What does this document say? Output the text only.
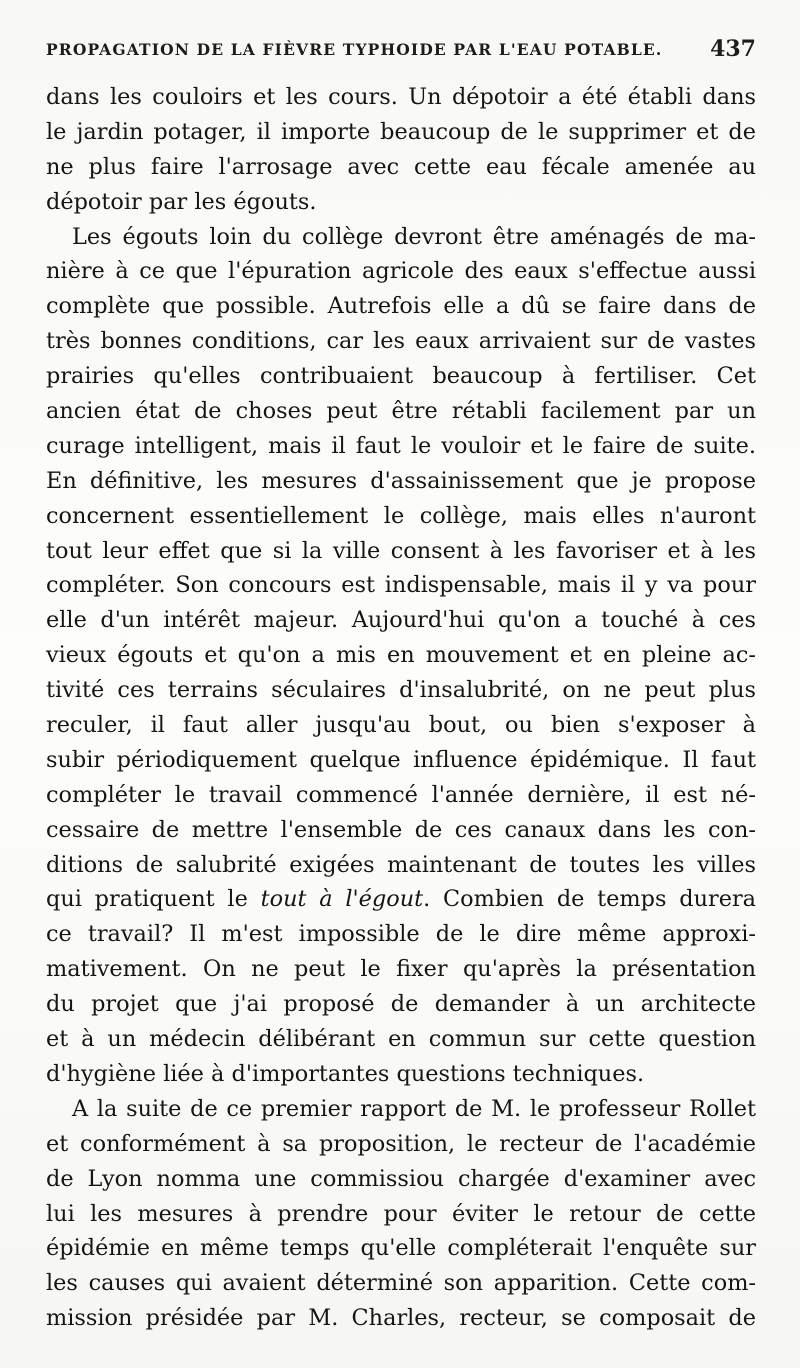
PROPAGATION DE LA FIÈVRE TYPHOIDE PAR L'EAU POTABLE. 437
dans les couloirs et les cours. Un dépotoir a été établi dans
le jardin potager, il importe beaucoup de le supprimer et de
ne plus faire l'arrosage avec cette eau fécale amenée au
dépotoir par les égouts.
Les égouts loin du collège devront être aménagés de ma-
nière à ce que l'épuration agricole des eaux s'effectue aussi
complète que possible. Autrefois elle a dû se faire dans de
très bonnes conditions, car les eaux arrivaient sur de vastes
prairies qu'elles contribuaient beaucoup à fertiliser. Cet
ancien état de choses peut être rétabli facilement par un
curage intelligent, mais il faut le vouloir et le faire de suite.
En définitive, les mesures d'assainissement que je propose
concernent essentiellement le collège, mais elles n'auront
tout leur effet que si la ville consent à les favoriser et à les
compléter. Son concours est indispensable, mais il y va pour
elle d'un intérêt majeur. Aujourd'hui qu'on a touché à ces
vieux égouts et qu'on a mis en mouvement et en pleine ac-
tivité ces terrains séculaires d'insalubrité, on ne peut plus
reculer, il faut aller jusqu'au bout, ou bien s'exposer à
subir périodiquement quelque influence épidémique. Il faut
compléter le travail commencé l'année dernière, il est né-
cessaire de mettre l'ensemble de ces canaux dans les con-
ditions de salubrité exigées maintenant de toutes les villes
qui pratiquent le tout à l'égout. Combien de temps durera
ce travail? Il m'est impossible de le dire même approxi-
mativement. On ne peut le fixer qu'après la présentation
du projet que j'ai proposé de demander à un architecte
et à un médecin délibérant en commun sur cette question
d'hygiène liée à d'importantes questions techniques.
A la suite de ce premier rapport de M. le professeur Rollet
et conformément à sa proposition, le recteur de l'académie
de Lyon nomma une commissiou chargée d'examiner avec
lui les mesures à prendre pour éviter le retour de cette
épidémie en même temps qu'elle compléterait l'enquête sur
les causes qui avaient déterminé son apparition. Cette com-
mission présidée par M. Charles, recteur, se composait de
